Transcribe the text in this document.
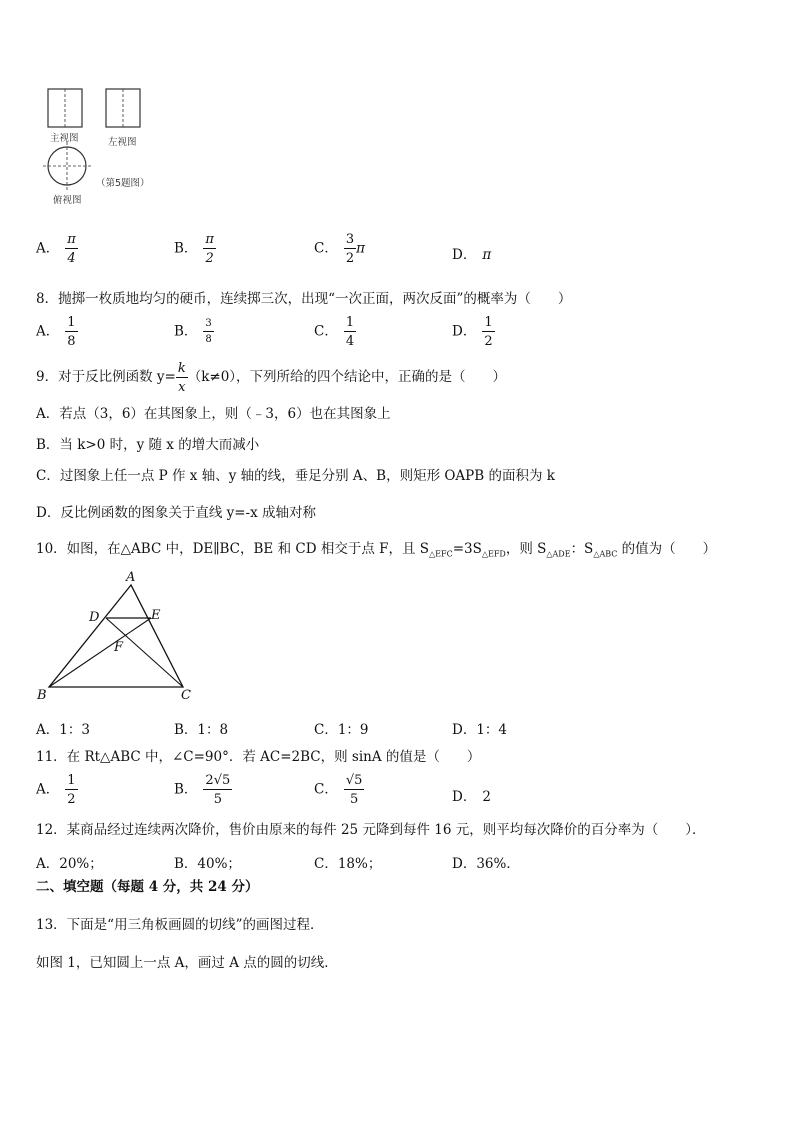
主视图	左视图
（第5题图）
俯视图
A． $\frac{\pi}{4}$	B． $\frac{\pi}{2}$	C． $\frac{3}{2}$ π	D． π
8．抛掷一枚质地均匀的硬币，连续掷三次，出现“一次正面，两次反面”的概率为（　　）
A． $\frac{1}{8}$	B． $\frac{3}{8}$	C． $\frac{1}{4}$	D． $\frac{1}{2}$
9．对于反比例函数 $y= \frac{k}{x} (k\ne 0)$，下列所给的四个结论中，正确的是（　　）
A．若点（3，6）在其图象上，则（﹣3，6）也在其图象上
B．当 k>0 时，y 随 x 的增大而减小
C．过图象上任一点 P 作 x 轴、y 轴的线，垂足分别 A、B，则矩形 OAPB 的面积为 k
D．反比例函数的图象关于直线 y=-x 成轴对称
10．如图，在△ABC 中，DE∥BC，BE 和 CD 相交于点 F，且 $S_{\triangle EFC}=3S_{\triangle EFD}$，则 $S_{\triangle ADE}$：$S_{\triangle ABC}$ 的值为（　　）
A
D	E
F
B	C
A．1：3	B．1：8	C．1：9	D．1：4
11．在 Rt△ABC 中，∠C=90°．若 AC=2BC，则 sinA 的值是（　　）
A． $\frac{1}{2}$	B． $\frac{2√5}{5}$	C． $\frac{√5}{5}$	D． 2
12．某商品经过连续两次降价，售价由原来的每件 25 元降到每件 16 元，则平均每次降价的百分率为（　　）．
A．20%；	B．40%；	C．18%；	D．36%．
二、填空题（每题 4 分，共 24 分）
13．下面是“用三角板画圆的切线”的画图过程．
如图 1，已知圆上一点 A，画过 A 点的圆的切线．
